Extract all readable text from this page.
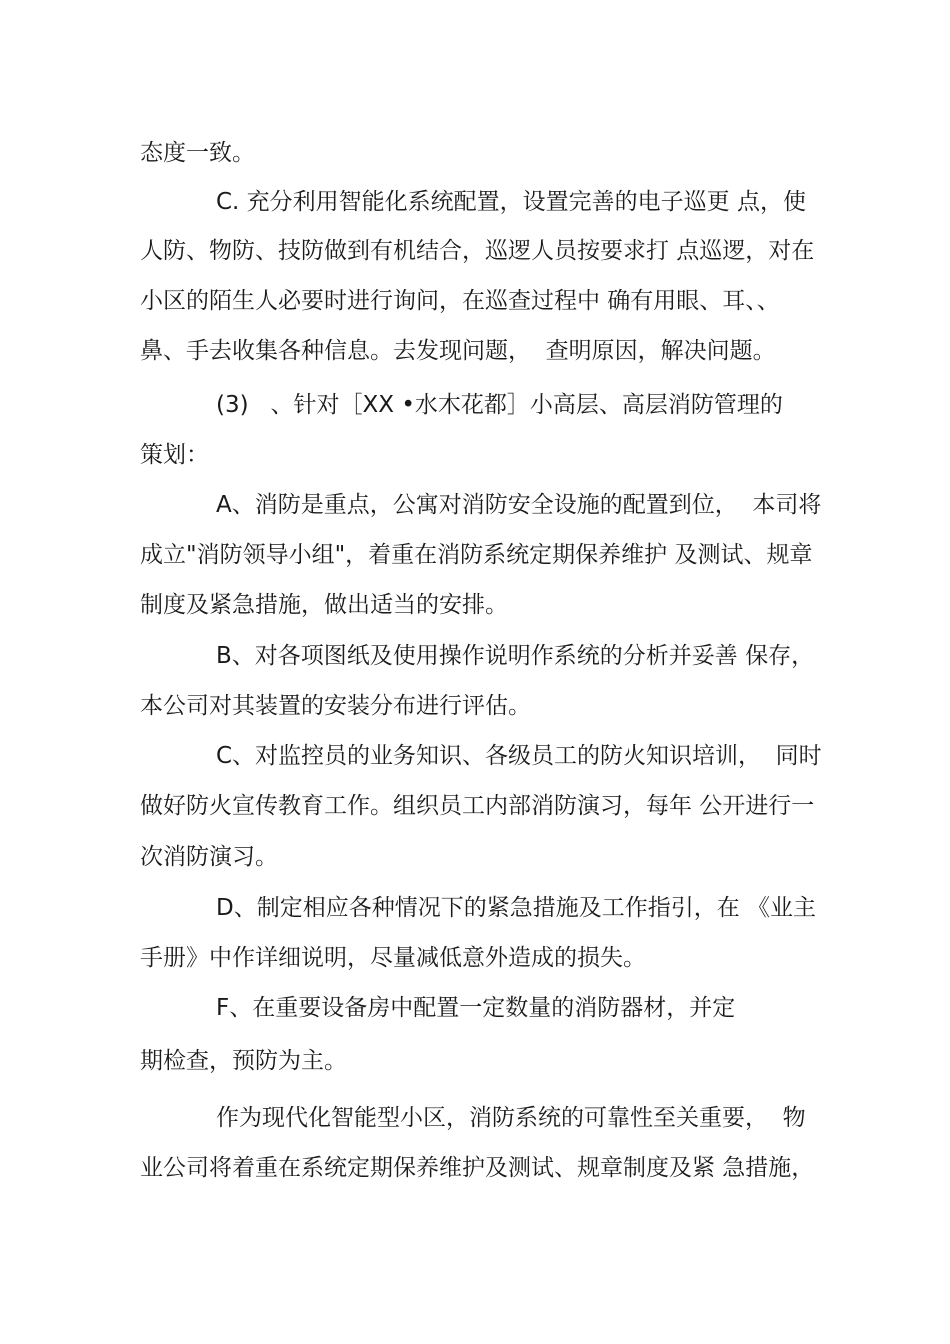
态度一致。
C. 充分利用智能化系统配置，设置完善的电子巡更 点，使
人防、物防、技防做到有机结合，巡逻人员按要求打 点巡逻，对在
小区的陌生人必要时进行询问，在巡查过程中 确有用眼、耳、、
鼻、手去收集各种信息。去发现问题，  查明原因，解决问题。
(3)   、针对［XX •水木花都］小高层、高层消防管理的
策划：
A、消防是重点，公寓对消防安全设施的配置到位，  本司将
成立"消防领导小组"，着重在消防系统定期保养维护 及测试、规章
制度及紧急措施，做出适当的安排。
B、对各项图纸及使用操作说明作系统的分析并妥善 保存，
本公司对其装置的安装分布进行评估。
C、对监控员的业务知识、各级员工的防火知识培训，  同时
做好防火宣传教育工作。组织员工内部消防演习，每年 公开进行一
次消防演习。
D、制定相应各种情况下的紧急措施及工作指引，在 《业主
手册》中作详细说明，尽量减低意外造成的损失。
F、在重要设备房中配置一定数量的消防器材，并定
期检查，预防为主。
作为现代化智能型小区，消防系统的可靠性至关重要，  物
业公司将着重在系统定期保养维护及测试、规章制度及紧 急措施，
